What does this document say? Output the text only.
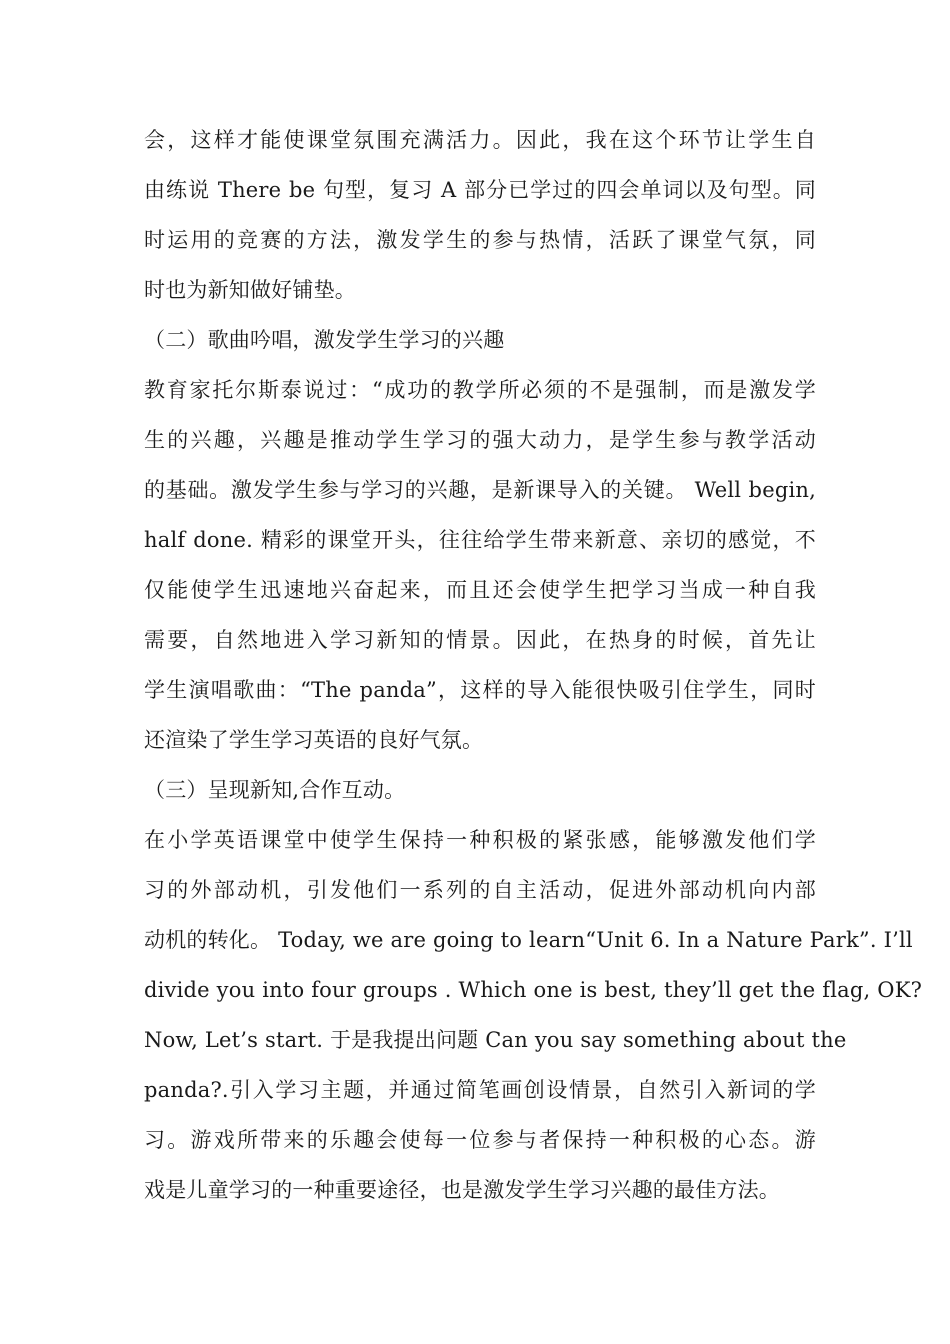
会，这样才能使课堂氛围充满活力。因此，我在这个环节让学生自
由练说 There be 句型，复习 A 部分已学过的四会单词以及句型。同
时运用的竞赛的方法，激发学生的参与热情，活跃了课堂气氛，同
时也为新知做好铺垫。
（二）歌曲吟唱，激发学生学习的兴趣
教育家托尔斯泰说过：“成功的教学所必须的不是强制，而是激发学
生的兴趣，兴趣是推动学生学习的强大动力，是学生参与教学活动
的基础。激发学生参与学习的兴趣，是新课导入的关键。 Well begin,
half done. 精彩的课堂开头，往往给学生带来新意、亲切的感觉，不
仅能使学生迅速地兴奋起来，而且还会使学生把学习当成一种自我
需要，自然地进入学习新知的情景。因此，在热身的时候，首先让
学生演唱歌曲：“The panda”，这样的导入能很快吸引住学生，同时
还渲染了学生学习英语的良好气氛。
（三）呈现新知,合作互动。
在小学英语课堂中使学生保持一种积极的紧张感，能够激发他们学
习的外部动机，引发他们一系列的自主活动，促进外部动机向内部
动机的转化。 Today, we are going to learn“Unit 6. In a Nature Park”. I’ll
divide you into four groups . Which one is best, they’ll get the flag, OK?
Now, Let’s start. 于是我提出问题 Can you say something about the
panda?.引入学习主题，并通过简笔画创设情景，自然引入新词的学
习。游戏所带来的乐趣会使每一位参与者保持一种积极的心态。游
戏是儿童学习的一种重要途径，也是激发学生学习兴趣的最佳方法。
